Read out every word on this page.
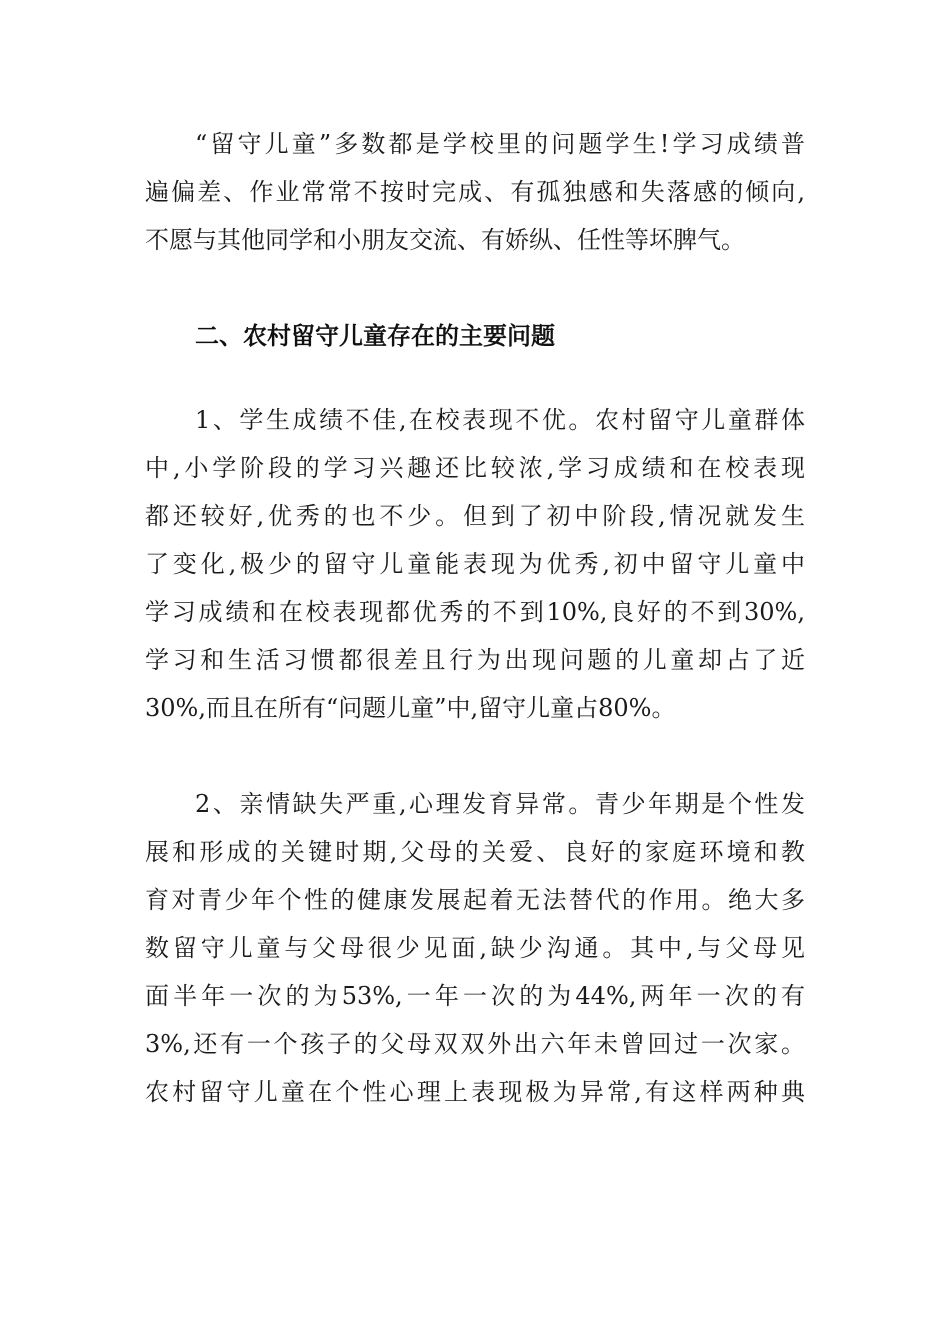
“留守儿童”多数都是学校里的问题学生!学习成绩普
遍偏差、作业常常不按时完成、有孤独感和失落感的倾向,
不愿与其他同学和小朋友交流、有娇纵、任性等坏脾气。
二、农村留守儿童存在的主要问题
1、学生成绩不佳,在校表现不优。农村留守儿童群体
中,小学阶段的学习兴趣还比较浓,学习成绩和在校表现
都还较好,优秀的也不少。但到了初中阶段,情况就发生
了变化,极少的留守儿童能表现为优秀,初中留守儿童中
学习成绩和在校表现都优秀的不到10%,良好的不到30%,
学习和生活习惯都很差且行为出现问题的儿童却占了近
30%,而且在所有“问题儿童”中,留守儿童占80%。
2、亲情缺失严重,心理发育异常。青少年期是个性发
展和形成的关键时期,父母的关爱、良好的家庭环境和教
育对青少年个性的健康发展起着无法替代的作用。绝大多
数留守儿童与父母很少见面,缺少沟通。其中,与父母见
面半年一次的为53%,一年一次的为44%,两年一次的有
3%,还有一个孩子的父母双双外出六年未曾回过一次家。
农村留守儿童在个性心理上表现极为异常,有这样两种典
